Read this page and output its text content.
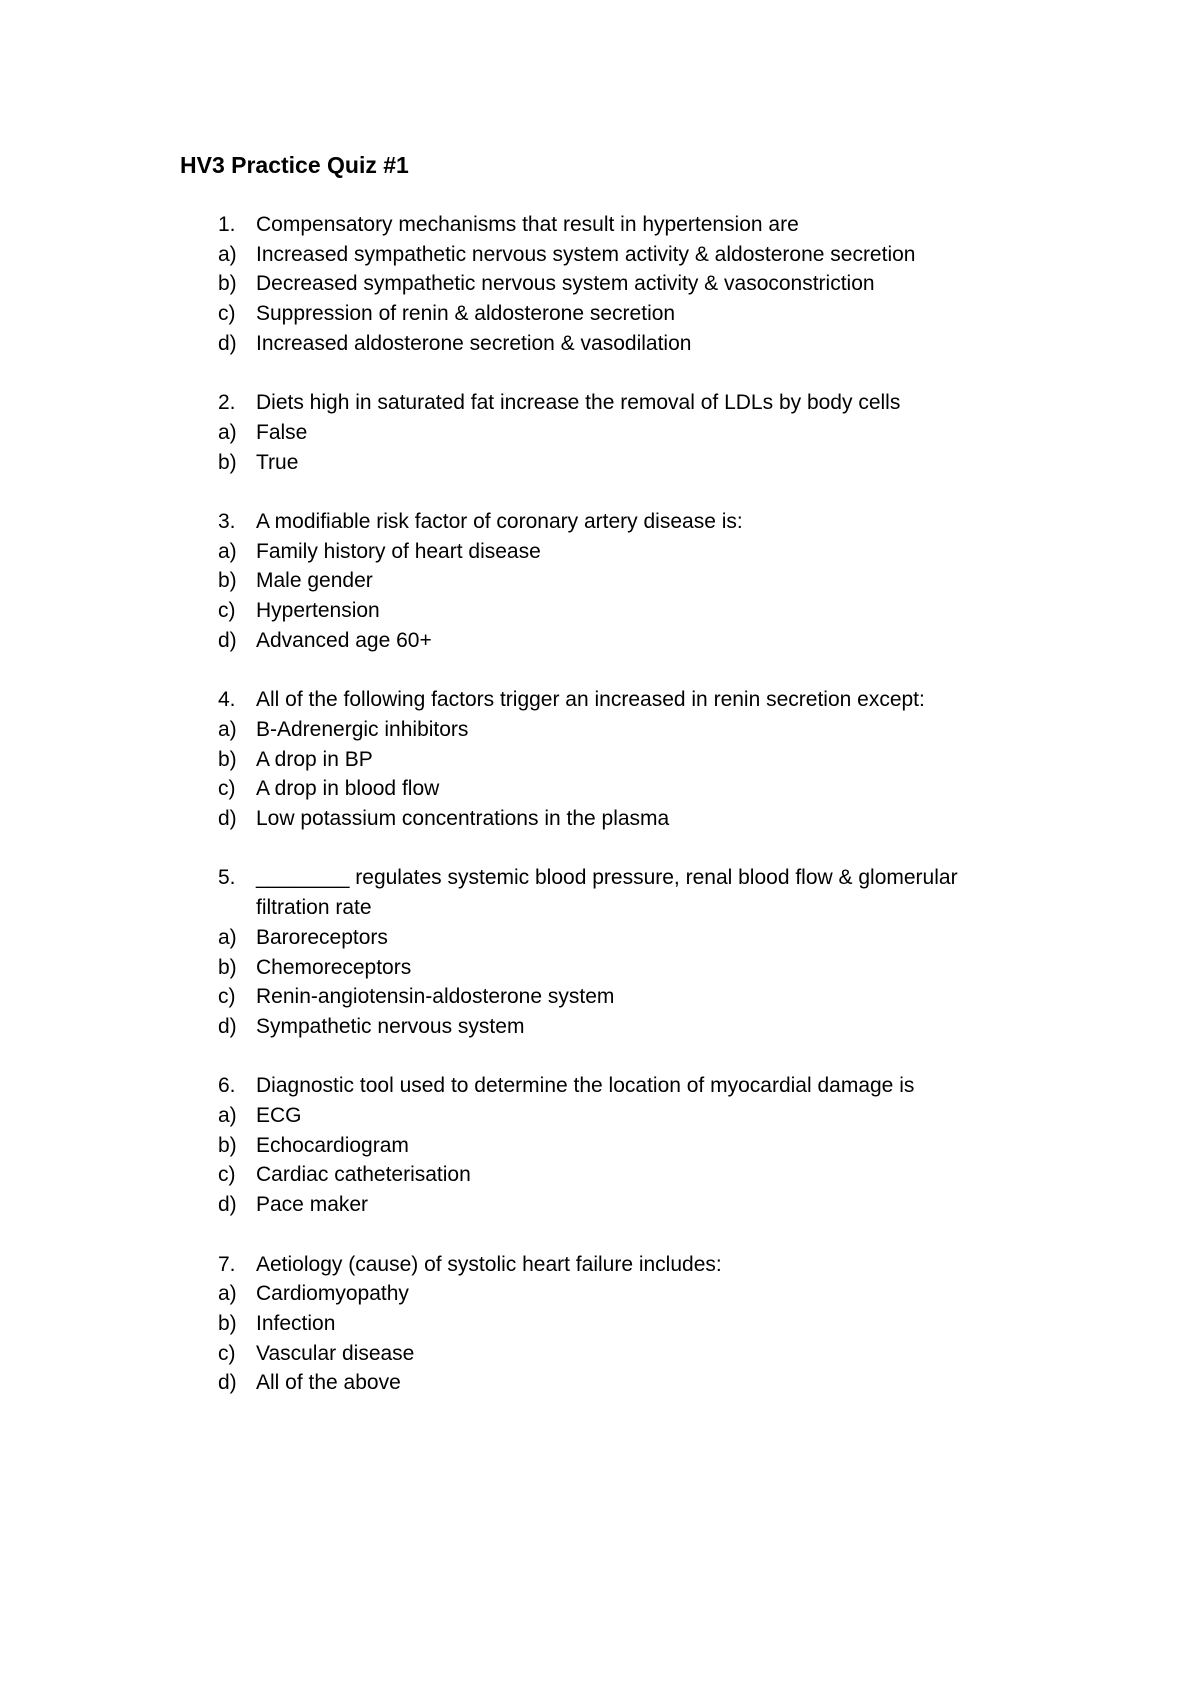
HV3 Practice Quiz #1
1. Compensatory mechanisms that result in hypertension are
a) Increased sympathetic nervous system activity & aldosterone secretion
b) Decreased sympathetic nervous system activity & vasoconstriction
c) Suppression of renin & aldosterone secretion
d) Increased aldosterone secretion & vasodilation
2. Diets high in saturated fat increase the removal of LDLs by body cells
a) False
b) True
3. A modifiable risk factor of coronary artery disease is:
a) Family history of heart disease
b) Male gender
c) Hypertension
d) Advanced age 60+
4. All of the following factors trigger an increased in renin secretion except:
a) B-Adrenergic inhibitors
b) A drop in BP
c) A drop in blood flow
d) Low potassium concentrations in the plasma
5. ________ regulates systemic blood pressure, renal blood flow & glomerular
filtration rate
a) Baroreceptors
b) Chemoreceptors
c) Renin-angiotensin-aldosterone system
d) Sympathetic nervous system
6. Diagnostic tool used to determine the location of myocardial damage is
a) ECG
b) Echocardiogram
c) Cardiac catheterisation
d) Pace maker
7. Aetiology (cause) of systolic heart failure includes:
a) Cardiomyopathy
b) Infection
c) Vascular disease
d) All of the above
